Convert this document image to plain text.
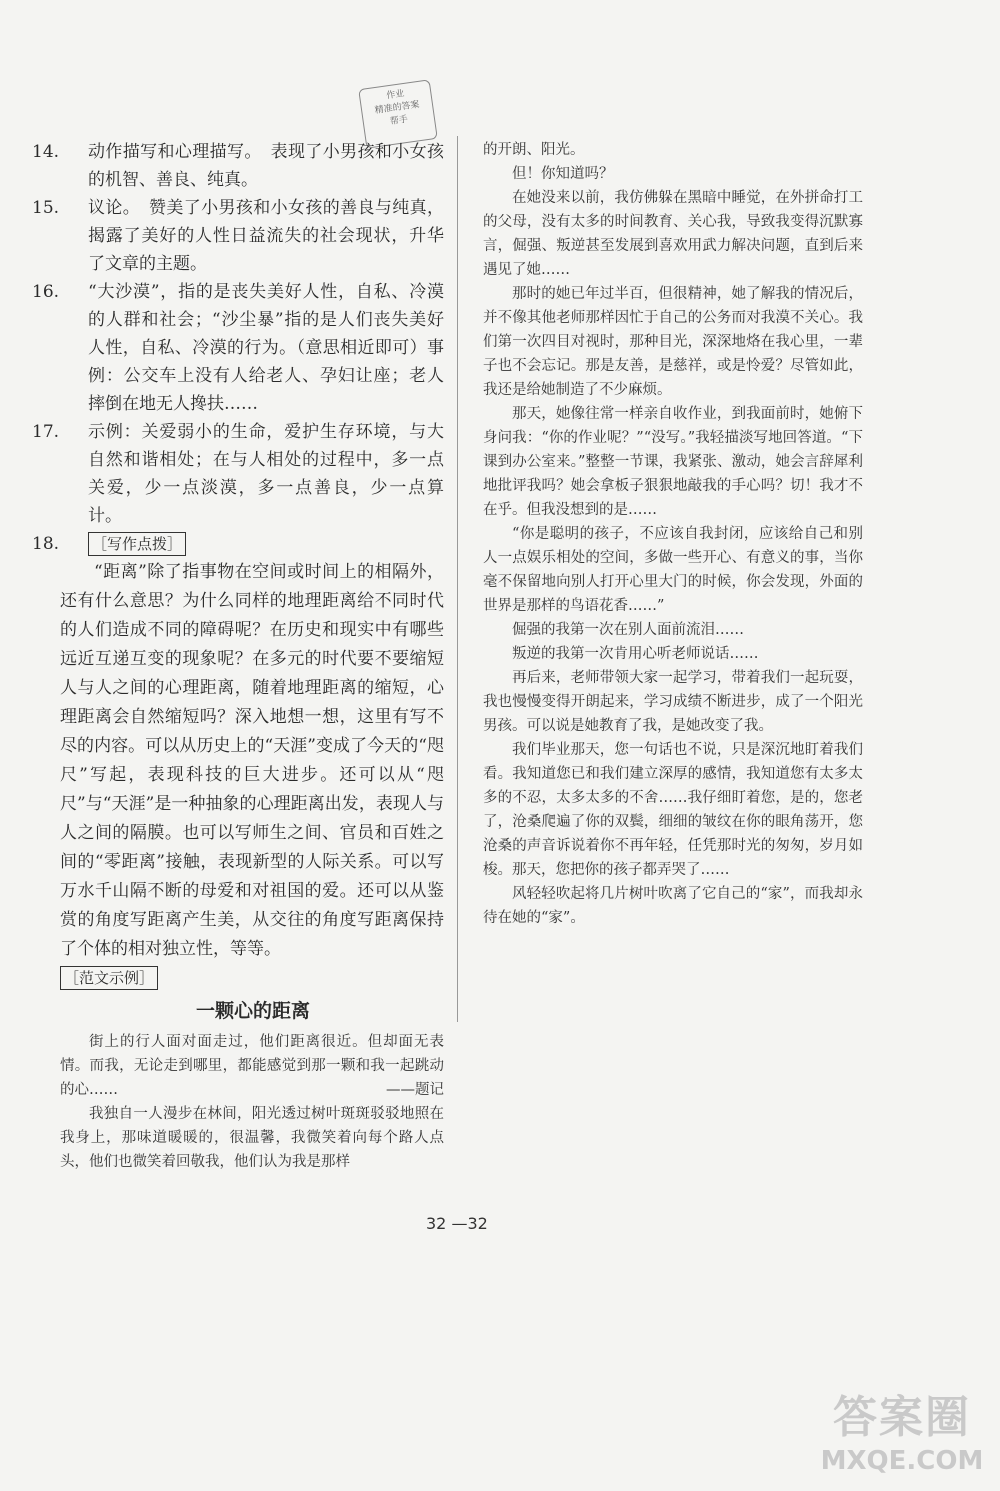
作业
精准的答案
帮手
14.	动作描写和心理描写。　表现了小男孩和小女孩的机智、善良、纯真。
15.	议论。　赞美了小男孩和小女孩的善良与纯真，揭露了美好的人性日益流失的社会现状，升华了文章的主题。
16.	“大沙漠”，指的是丧失美好人性，自私、冷漠的人群和社会；“沙尘暴”指的是人们丧失美好人性，自私、冷漠的行为。（意思相近即可）事例：公交车上没有人给老人、孕妇让座；老人摔倒在地无人搀扶……
17.	示例：关爱弱小的生命，爱护生存环境，与大自然和谐相处；在与人相处的过程中，多一点关爱，少一点淡漠，多一点善良，少一点算计。
18.	［写作点拨］
“距离”除了指事物在空间或时间上的相隔外，还有什么意思？为什么同样的地理距离给不同时代的人们造成不同的障碍呢？在历史和现实中有哪些远近互递互变的现象呢？在多元的时代要不要缩短人与人之间的心理距离，随着地理距离的缩短，心理距离会自然缩短吗？深入地想一想，这里有写不尽的内容。可以从历史上的“天涯”变成了今天的“咫尺”写起，表现科技的巨大进步。还可以从“咫尺”与“天涯”是一种抽象的心理距离出发，表现人与人之间的隔膜。也可以写师生之间、官员和百姓之间的“零距离”接触，表现新型的人际关系。可以写万水千山隔不断的母爱和对祖国的爱。还可以从鉴赏的角度写距离产生美，从交往的角度写距离保持了个体的相对独立性，等等。
［范文示例］
一颗心的距离

街上的行人面对面走过，他们距离很近。但却面无表情。而我，无论走到哪里，都能感觉到那一颗和我一起跳动的心……	——题记

我独自一人漫步在林间，阳光透过树叶斑斑驳驳地照在我身上，那味道暖暖的，很温馨，我微笑着向每个路人点头，他们也微笑着回敬我，他们认为我是那样

的开朗、阳光。

但！你知道吗？

在她没来以前，我仿佛躲在黑暗中睡觉，在外拼命打工的父母，没有太多的时间教育、关心我，导致我变得沉默寡言，倔强、叛逆甚至发展到喜欢用武力解决问题，直到后来遇见了她……

那时的她已年过半百，但很精神，她了解我的情况后，并不像其他老师那样因忙于自己的公务而对我漠不关心。我们第一次四目对视时，那种目光，深深地烙在我心里，一辈子也不会忘记。那是友善，是慈祥，或是怜爱？尽管如此，我还是给她制造了不少麻烦。

那天，她像往常一样亲自收作业，到我面前时，她俯下身问我：“你的作业呢？”“没写。”我轻描淡写地回答道。“下课到办公室来。”整整一节课，我紧张、激动，她会言辞犀利地批评我吗？她会拿板子狠狠地敲我的手心吗？切！我才不在乎。但我没想到的是……

“你是聪明的孩子，不应该自我封闭，应该给自己和别人一点娱乐相处的空间，多做一些开心、有意义的事，当你毫不保留地向别人打开心里大门的时候，你会发现，外面的世界是那样的鸟语花香……”

倔强的我第一次在别人面前流泪……

叛逆的我第一次肯用心听老师说话……

再后来，老师带领大家一起学习，带着我们一起玩耍，我也慢慢变得开朗起来，学习成绩不断进步，成了一个阳光男孩。可以说是她教育了我，是她改变了我。

我们毕业那天，您一句话也不说，只是深沉地盯着我们看。我知道您已和我们建立深厚的感情，我知道您有太多太多的不忍，太多太多的不舍……我仔细盯着您，是的，您老了，沧桑爬遍了你的双鬓，细细的皱纹在你的眼角荡开，您沧桑的声音诉说着你不再年轻，任凭那时光的匆匆，岁月如梭。那天，您把你的孩子都弄哭了……

风轻轻吹起将几片树叶吹离了它自己的“家”，而我却永待在她的“家”。

32 —32
答案圈
MXQE.COM
